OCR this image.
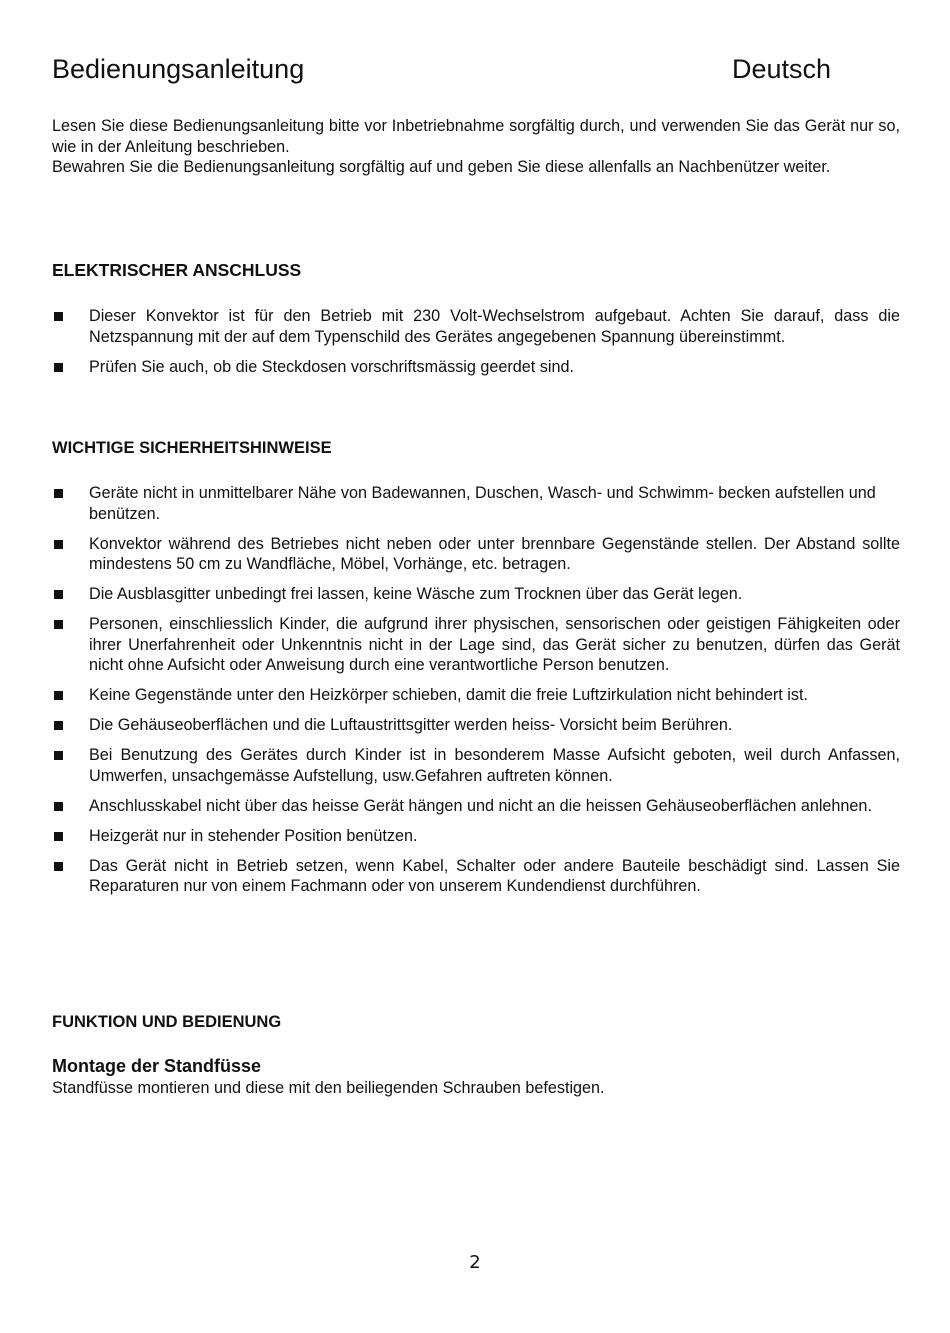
Bedienungsanleitung	Deutsch

Lesen Sie diese Bedienungsanleitung bitte vor Inbetriebnahme sorgfältig durch, und verwenden Sie das Gerät nur so, wie in der Anleitung beschrieben.

Bewahren Sie die Bedienungsanleitung sorgfältig auf und geben Sie diese allenfalls an Nachbenützer weiter.

ELEKTRISCHER ANSCHLUSS
Dieser Konvektor ist für den Betrieb mit 230 Volt-Wechselstrom aufgebaut. Achten Sie darauf, dass die Netzspannung mit der auf dem Typenschild des Gerätes angegebenen Spannung übereinstimmt.
Prüfen Sie auch, ob die Steckdosen vorschriftsmässig geerdet sind.
WICHTIGE SICHERHEITSHINWEISE
Geräte nicht in unmittelbarer Nähe von Badewannen, Duschen, Wasch- und Schwimm- becken aufstellen und benützen.
Konvektor während des Betriebes nicht neben oder unter brennbare Gegenstände stellen. Der Abstand sollte mindestens 50 cm zu Wandfläche, Möbel, Vorhänge, etc. betragen.
Die Ausblasgitter unbedingt frei lassen, keine Wäsche zum Trocknen über das Gerät legen.
Personen, einschliesslich Kinder, die aufgrund ihrer physischen, sensorischen oder geistigen Fähigkeiten oder ihrer Unerfahrenheit oder Unkenntnis nicht in der Lage sind, das Gerät sicher zu benutzen, dürfen das Gerät nicht ohne Aufsicht oder Anweisung durch eine verantwortliche Person benutzen.
Keine Gegenstände unter den Heizkörper schieben, damit die freie Luftzirkulation nicht behindert ist.
Die Gehäuseoberflächen und die Luftaustrittsgitter werden heiss- Vorsicht beim Berühren.
Bei Benutzung des Gerätes durch Kinder ist in besonderem Masse Aufsicht geboten, weil durch Anfassen, Umwerfen, unsachgemässe Aufstellung, usw.Gefahren auftreten können.
Anschlusskabel nicht über das heisse Gerät hängen und nicht an die heissen Gehäuseoberflächen anlehnen.
Heizgerät nur in stehender Position benützen.
Das Gerät nicht in Betrieb setzen, wenn Kabel, Schalter oder andere Bauteile beschädigt sind. Lassen Sie Reparaturen nur von einem Fachmann oder von unserem Kundendienst durchführen.
FUNKTION UND BEDIENUNG
Montage der Standfüsse
Standfüsse montieren und diese mit den beiliegenden Schrauben befestigen.
2
